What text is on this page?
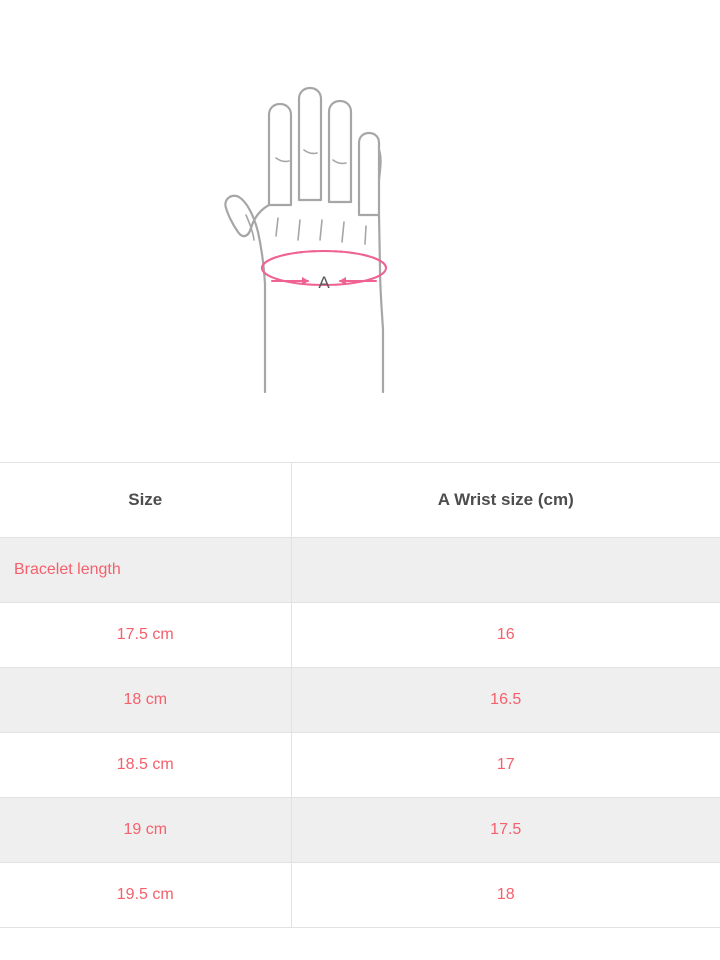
A
Size	A Wrist size (cm)
Bracelet length	
17.5 cm	16
18 cm	16.5
18.5 cm	17
19 cm	17.5
19.5 cm	18
